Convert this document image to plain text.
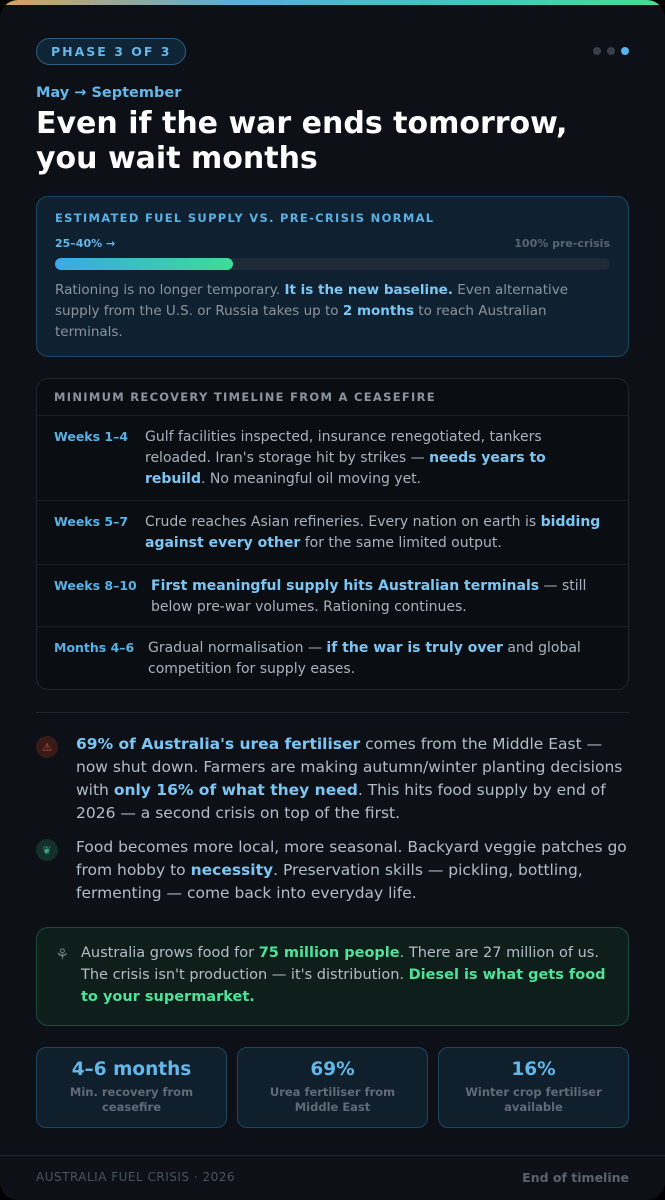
PHASE 3 OF 3
May → September
Even if the war ends tomorrow, you wait months
ESTIMATED FUEL SUPPLY VS. PRE-CRISIS NORMAL
25–40% →	100% pre-crisis

Rationing is no longer temporary. It is the new baseline. Even alternative supply from the U.S. or Russia takes up to 2 months to reach Australian terminals.

MINIMUM RECOVERY TIMELINE FROM A CEASEFIRE
Weeks 1–4	Gulf facilities inspected, insurance renegotiated, tankers reloaded. Iran's storage hit by strikes — needs years to rebuild. No meaningful oil moving yet.
Weeks 5–7	Crude reaches Asian refineries. Every nation on earth is bidding against every other for the same limited output.
Weeks 8–10	First meaningful supply hits Australian terminals — still below pre-war volumes. Rationing continues.
Months 4–6 Gradual normalisation — if the war is truly over and global competition for supply eases.
⚠	69% of Australia's urea fertiliser comes from the Middle East — now shut down. Farmers are making autumn/winter planting decisions with only 16% of what they need. This hits food supply by end of 2026 — a second crisis on top of the first.

❦	Food becomes more local, more seasonal. Backyard veggie patches go from hobby to necessity. Preservation skills — pickling, bottling, fermenting — come back into everyday life.

⚘ Australia grows food for 75 million people. There are 27 million of us. The crisis isn't production — it's distribution. Diesel is what gets food to your supermarket.

4–6 months
Min. recovery from ceasefire
69%
Urea fertiliser from Middle East
16%
Winter crop fertiliser available
AUSTRALIA FUEL CRISIS · 2026	End of timeline
